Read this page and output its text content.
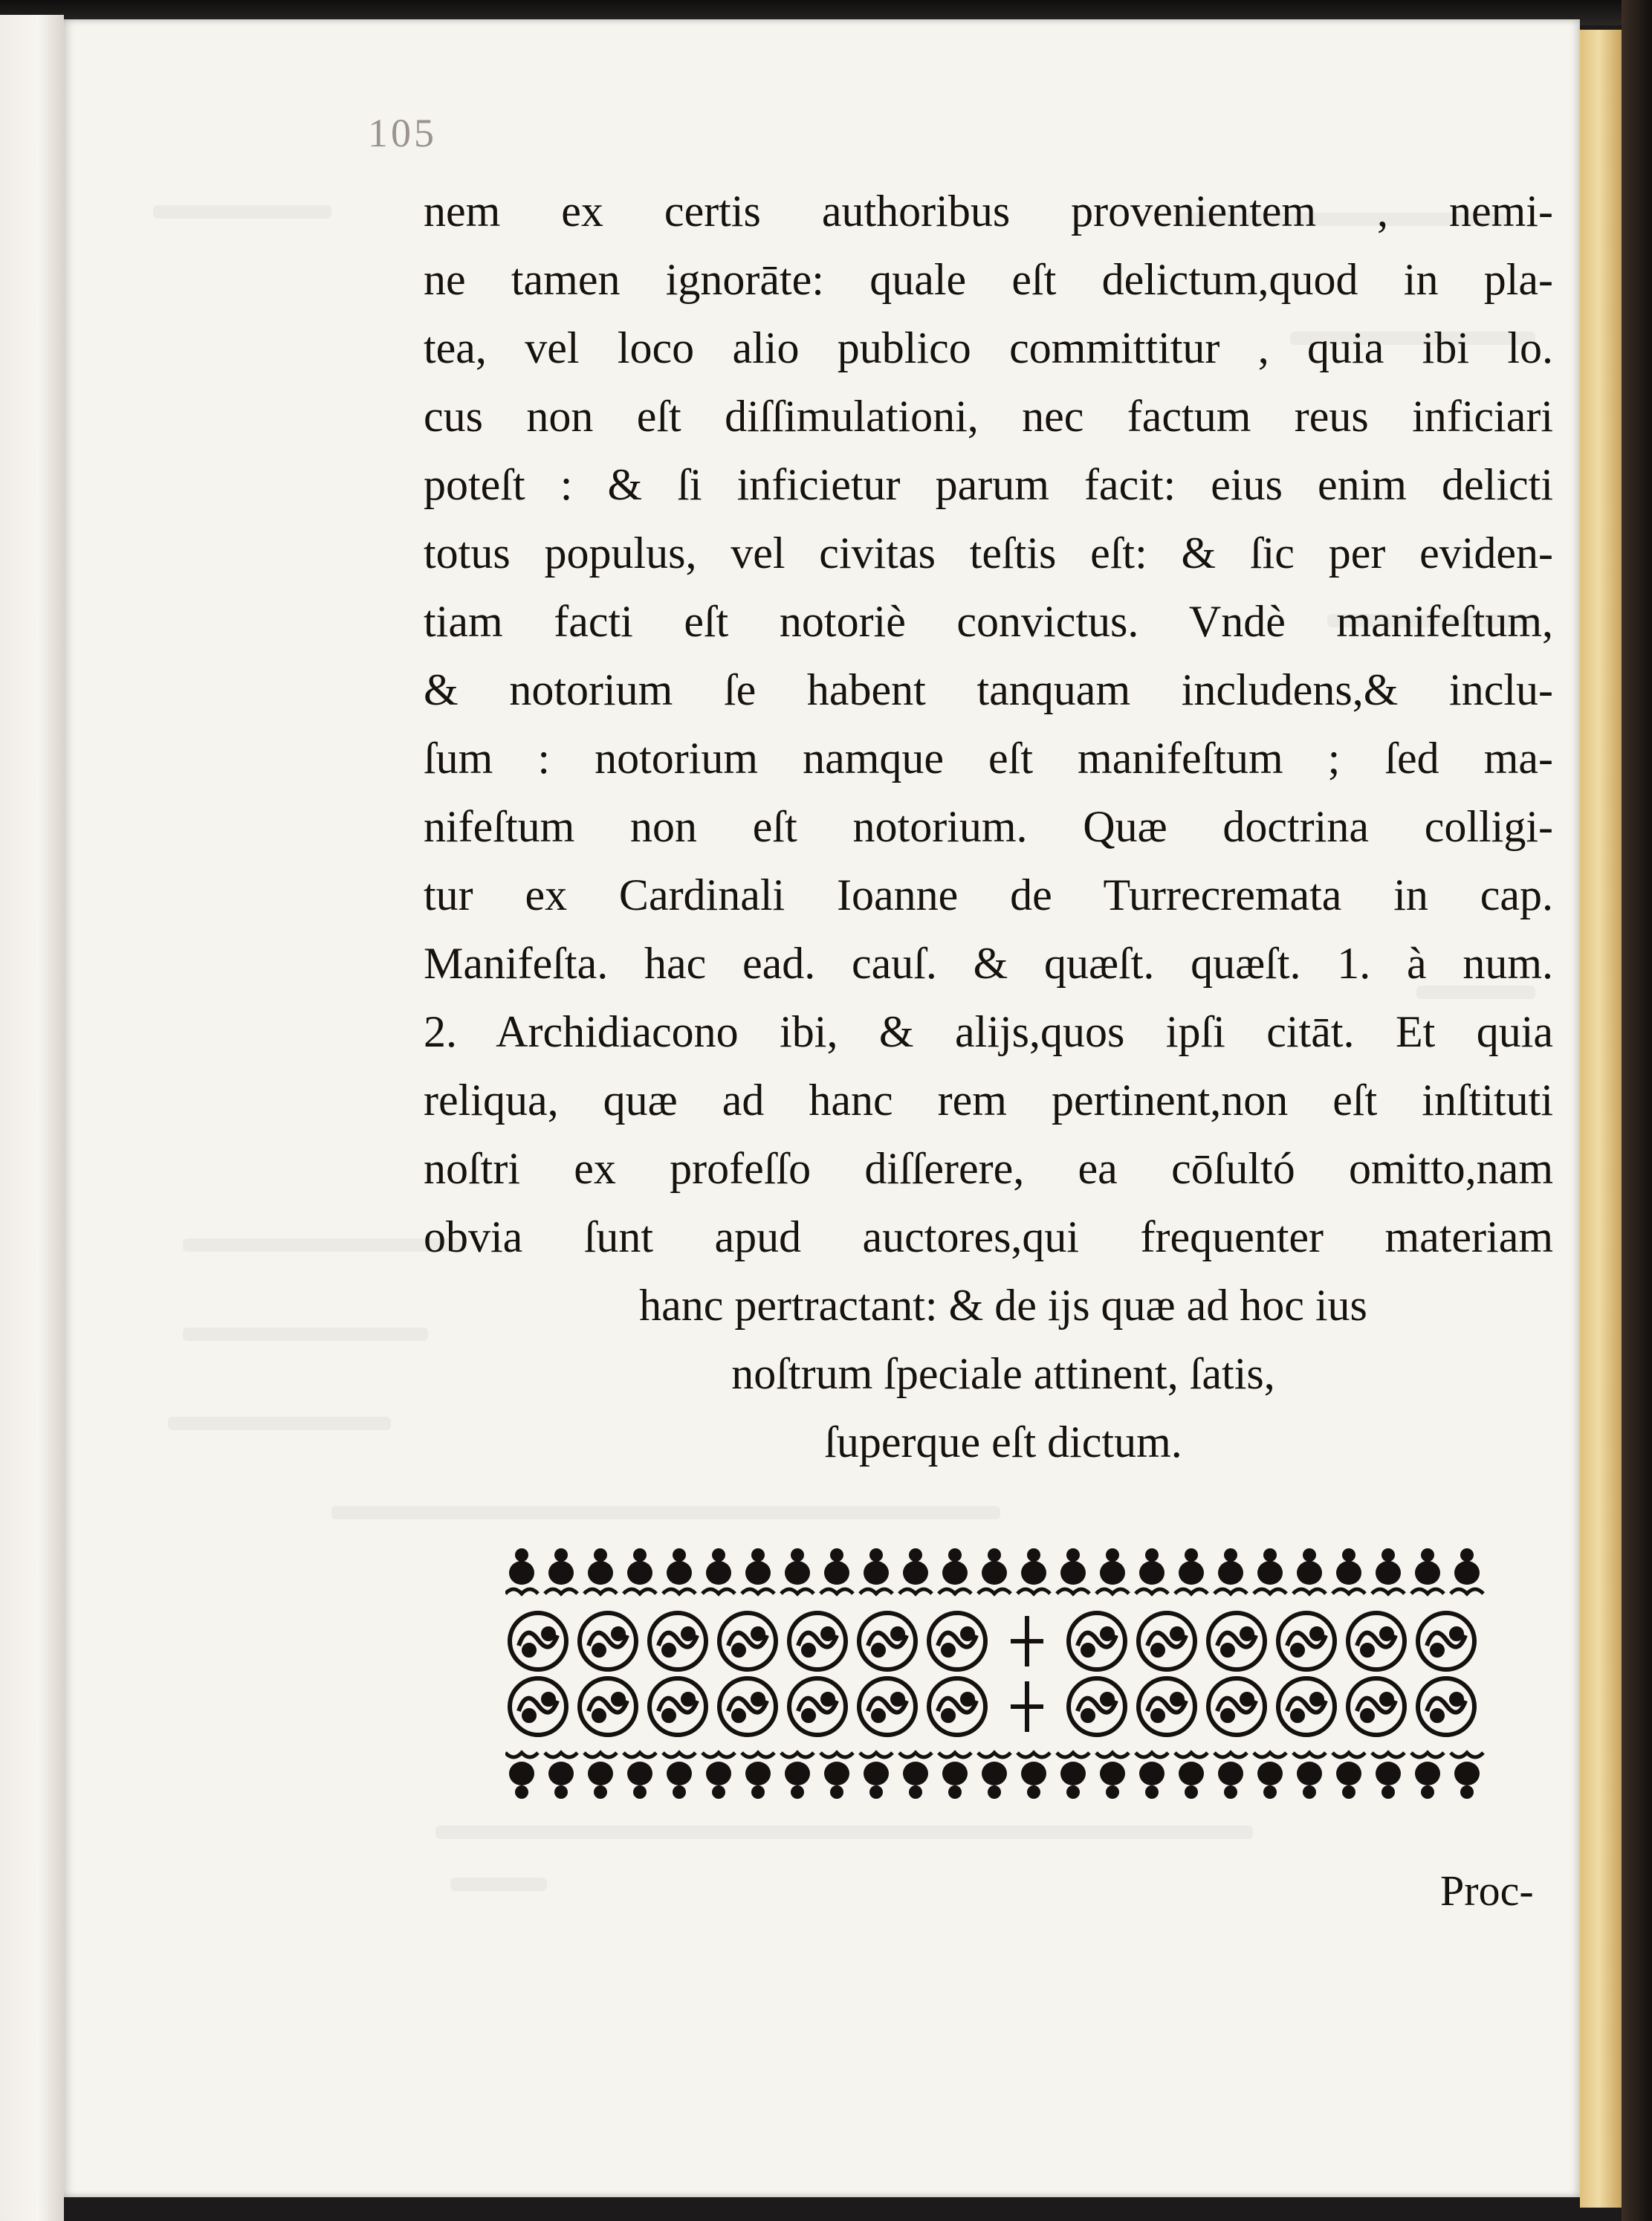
105
nem ex certis authoribus provenientem , nemi-
ne tamen ignorāte: quale eſt delictum,quod in pla-
tea, vel loco alio publico committitur , quia ibi lo.
cus non eſt diſſimulationi, nec factum reus inficiari
poteſt : & ſi inficietur parum facit: eius enim delicti
totus populus, vel civitas teſtis eſt: & ſic per eviden-
tiam facti eſt notoriè convictus. Vndè manifeſtum,
& notorium ſe habent tanquam includens,& inclu-
ſum : notorium namque eſt manifeſtum ; ſed ma-
nifeſtum non eſt notorium. Quæ doctrina colligi-
tur ex Cardinali Ioanne de Turrecremata in cap.
Manifeſta. hac ead. cauſ. & quæſt. quæſt. 1. à num.
2. Archidiacono ibi, & alijs,quos ipſi citāt. Et quia
reliqua, quæ ad hanc rem pertinent,non eſt inſtituti
noſtri ex profeſſo diſſerere, ea cōſultó omitto,nam
obvia ſunt apud auctores,qui frequenter materiam
hanc pertractant: & de ijs quæ ad hoc ius
noſtrum ſpeciale attinent, ſatis,
ſuperque eſt dictum.
Proc-
